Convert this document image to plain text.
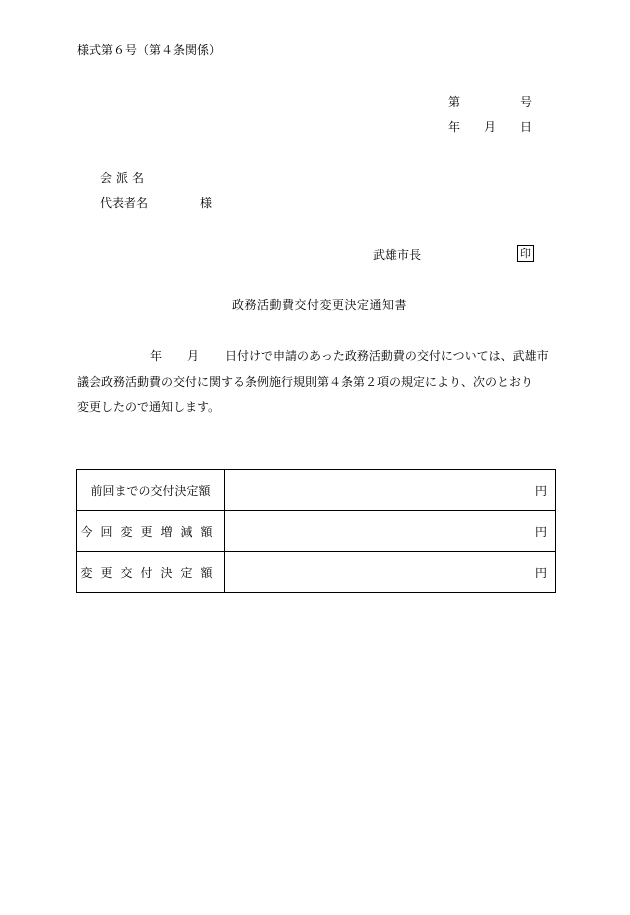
様式第６号（第４条関係）
第	号
年 月 日
会派名
代表者名	様
武雄市長	印
政務活動費交付変更決定通知書
年 月 日付けで申請のあった政務活動費の交付については、武雄市
議会政務活動費の交付に関する条例施行規則第４条第２項の規定により、次のとおり
変更したので通知します。
前回までの交付決定額	円
今回変更増減額	円
変更交付決定額	円
